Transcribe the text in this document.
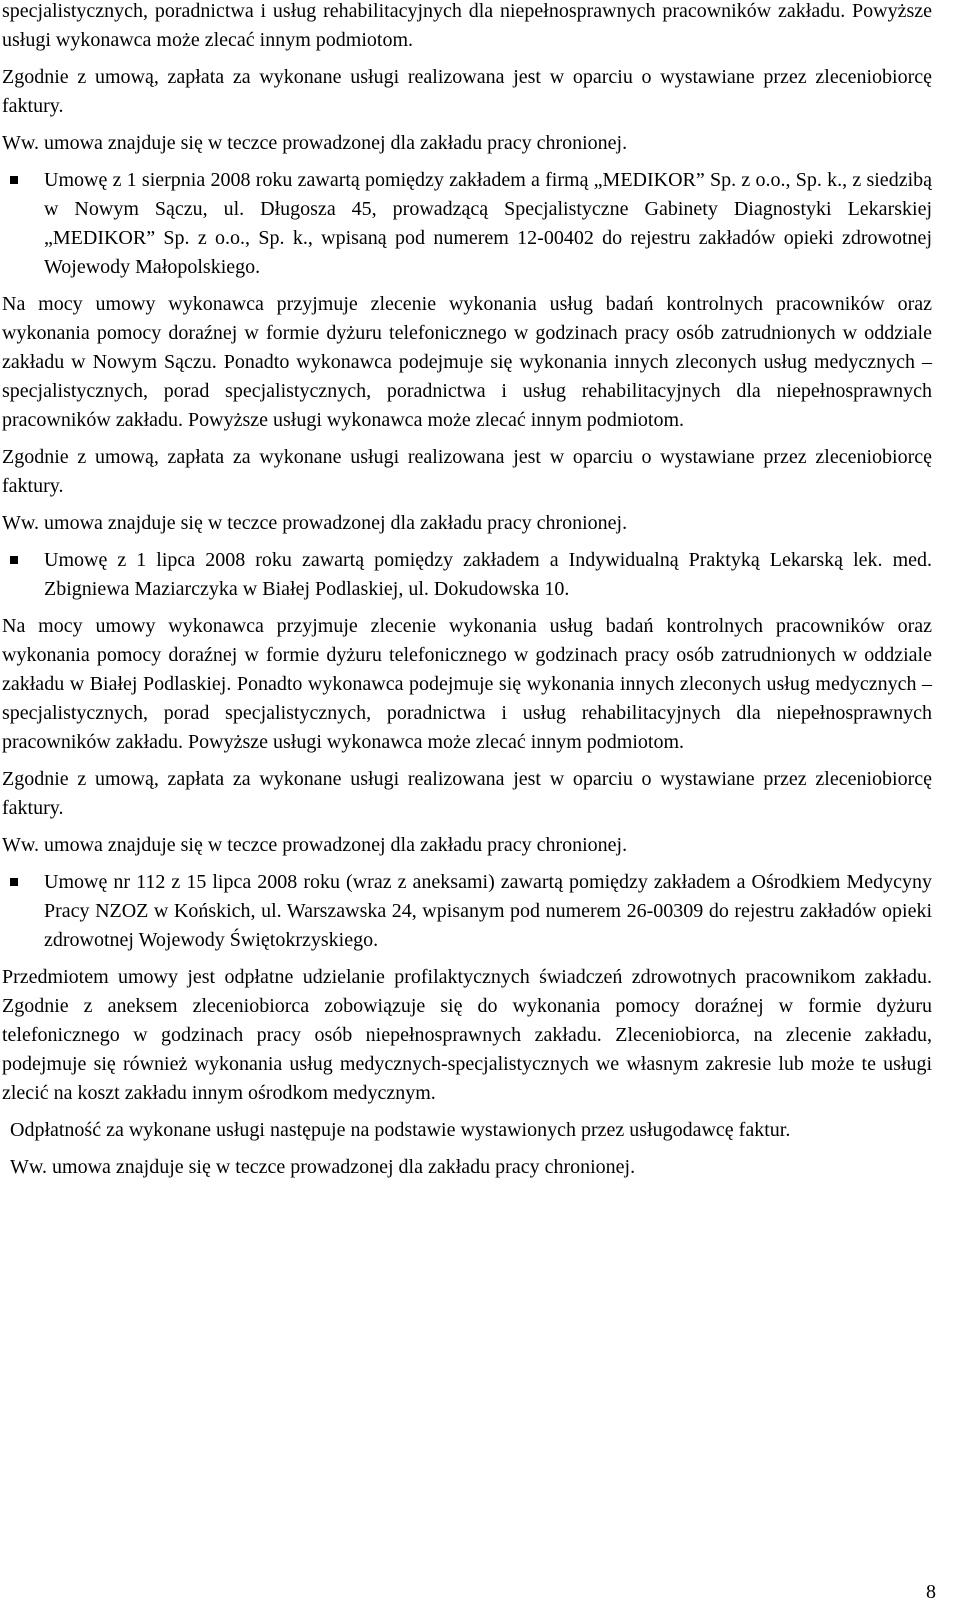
specjalistycznych, poradnictwa i usług rehabilitacyjnych dla niepełnosprawnych pracowników zakładu. Powyższe usługi wykonawca może zlecać innym podmiotom.

Zgodnie z umową, zapłata za wykonane usługi realizowana jest w oparciu o wystawiane przez zleceniobiorcę faktury.

Ww. umowa znajduje się w teczce prowadzonej dla zakładu pracy chronionej.

Umowę z 1 sierpnia 2008 roku zawartą pomiędzy zakładem a firmą „MEDIKOR” Sp. z o.o., Sp. k., z siedzibą w Nowym Sączu, ul. Długosza 45, prowadzącą Specjalistyczne Gabinety Diagnostyki Lekarskiej „MEDIKOR” Sp. z o.o., Sp. k., wpisaną pod numerem 12-00402 do rejestru zakładów opieki zdrowotnej Wojewody Małopolskiego.

Na mocy umowy wykonawca przyjmuje zlecenie wykonania usług badań kontrolnych pracowników oraz wykonania pomocy doraźnej w formie dyżuru telefonicznego w godzinach pracy osób zatrudnionych w oddziale zakładu w Nowym Sączu. Ponadto wykonawca podejmuje się wykonania innych zleconych usług medycznych – specjalistycznych, porad specjalistycznych, poradnictwa i usług rehabilitacyjnych dla niepełnosprawnych pracowników zakładu. Powyższe usługi wykonawca może zlecać innym podmiotom.

Zgodnie z umową, zapłata za wykonane usługi realizowana jest w oparciu o wystawiane przez zleceniobiorcę faktury.

Ww. umowa znajduje się w teczce prowadzonej dla zakładu pracy chronionej.

Umowę z 1 lipca 2008 roku zawartą pomiędzy zakładem a Indywidualną Praktyką Lekarską lek. med. Zbigniewa Maziarczyka w Białej Podlaskiej, ul. Dokudowska 10.

Na mocy umowy wykonawca przyjmuje zlecenie wykonania usług badań kontrolnych pracowników oraz wykonania pomocy doraźnej w formie dyżuru telefonicznego w godzinach pracy osób zatrudnionych w oddziale zakładu w Białej Podlaskiej. Ponadto wykonawca podejmuje się wykonania innych zleconych usług medycznych – specjalistycznych, porad specjalistycznych, poradnictwa i usług rehabilitacyjnych dla niepełnosprawnych pracowników zakładu. Powyższe usługi wykonawca może zlecać innym podmiotom.

Zgodnie z umową, zapłata za wykonane usługi realizowana jest w oparciu o wystawiane przez zleceniobiorcę faktury.

Ww. umowa znajduje się w teczce prowadzonej dla zakładu pracy chronionej.

Umowę nr 112 z 15 lipca 2008 roku (wraz z aneksami) zawartą pomiędzy zakładem a Ośrodkiem Medycyny Pracy NZOZ w Końskich, ul. Warszawska 24, wpisanym pod numerem 26-00309 do rejestru zakładów opieki zdrowotnej Wojewody Świętokrzyskiego.

Przedmiotem umowy jest odpłatne udzielanie profilaktycznych świadczeń zdrowotnych pracownikom zakładu. Zgodnie z aneksem zleceniobiorca zobowiązuje się do wykonania pomocy doraźnej w formie dyżuru telefonicznego w godzinach pracy osób niepełnosprawnych zakładu. Zleceniobiorca, na zlecenie zakładu, podejmuje się również wykonania usług medycznych-specjalistycznych we własnym zakresie lub może te usługi zlecić na koszt zakładu innym ośrodkom medycznym.

Odpłatność za wykonane usługi następuje na podstawie wystawionych przez usługodawcę faktur.

Ww. umowa znajduje się w teczce prowadzonej dla zakładu pracy chronionej.

8
